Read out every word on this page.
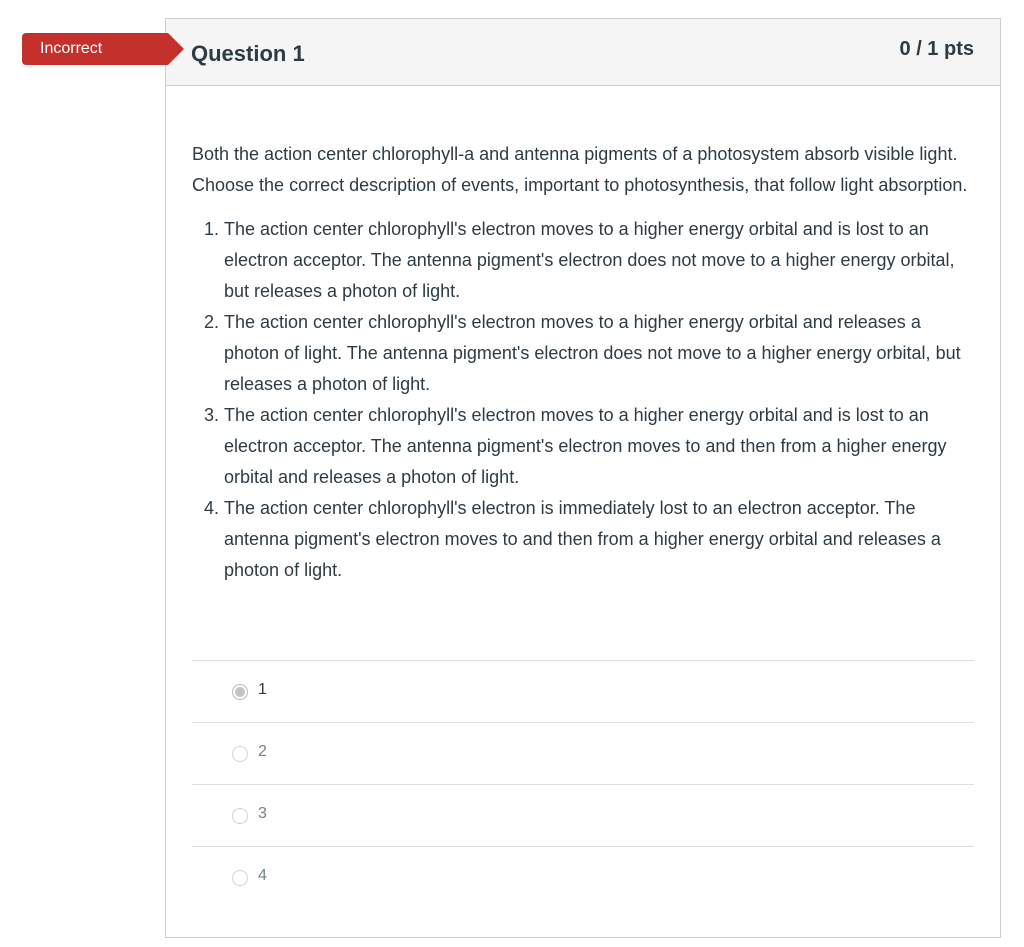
Incorrect	Question 1	0 / 1 pts

Both the action center chlorophyll-a and antenna pigments of a photosystem absorb visible light. Choose the correct description of events, important to photosynthesis, that follow light absorption.

1. The action center chlorophyll's electron moves to a higher energy orbital and is lost to an electron acceptor. The antenna pigment's electron does not move to a higher energy orbital, but releases a photon of light.
2. The action center chlorophyll's electron moves to a higher energy orbital and releases a photon of light. The antenna pigment's electron does not move to a higher energy orbital, but releases a photon of light.
3. The action center chlorophyll's electron moves to a higher energy orbital and is lost to an electron acceptor. The antenna pigment's electron moves to and then from a higher energy orbital and releases a photon of light.
4. The action center chlorophyll's electron is immediately lost to an electron acceptor. The antenna pigment's electron moves to and then from a higher energy orbital and releases a photon of light.
1
2
3
4
